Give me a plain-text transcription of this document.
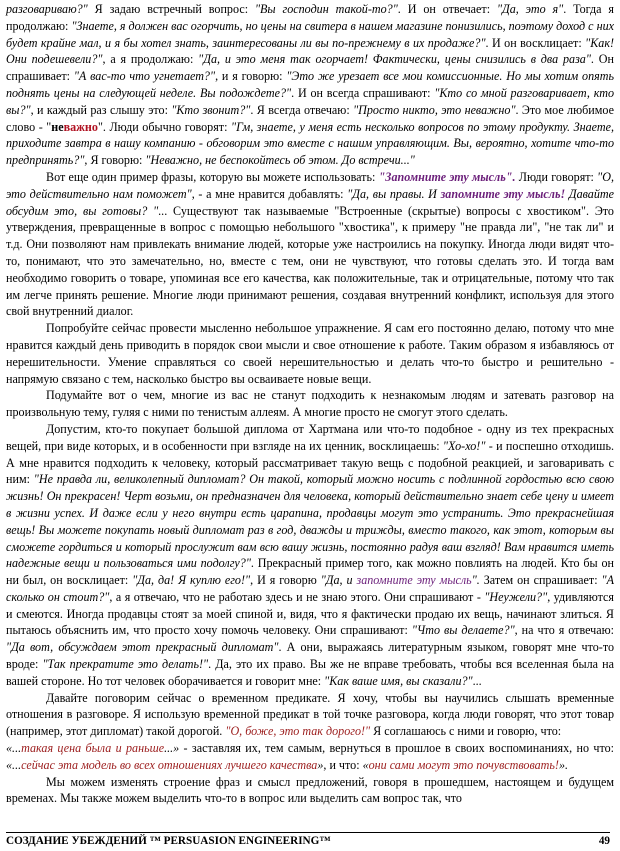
разговариваю?" Я задаю встречный вопрос: "Вы господин такой-то?". И он отвечает: "Да, это я". Тогда я продолжаю: "Знаете, я должен вас огорчить, но цены на свитера в нашем магазине понизились, поэтому доход с них будет крайне мал, и я бы хотел знать, заинтересованы ли вы по-прежнему в их продаже?". И он восклицает: "Как! Они подешевели?", а я продолжаю: "Да, и это меня так огорчает! Фактически, цены снизились в два раза". Он спрашивает: "А вас-то что угнетает?", и я говорю: "Это же урезает все мои комиссионные. Но мы хотим опять поднять цены на следующей неделе. Вы подождете?". И он всегда спрашивают: "Кто со мной разговаривает, кто вы?", и каждый раз слышу это: "Кто звонит?". Я всегда отвечаю: "Просто никто, это неважно". Это мое любимое слово - "неважно". Люди обычно говорят: "Гм, знаете, у меня есть несколько вопросов по этому продукту. Знаете, приходите завтра в нашу компанию - обговорим это вместе с нашим управляющим. Вы, вероятно, хотите что-то предпринять?", Я говорю: "Неважно, не беспокойтесь об этом. До встречи..."

Вот еще один пример фразы, которую вы можете использовать: "Запомните эту мысль". Люди говорят: "О, это действительно нам поможет", - а мне нравится добавлять: "Да, вы правы. И запомните эту мысль! Давайте обсудим это, вы готовы? "... Существуют так называемые "Встроенные (скрытые) вопросы с хвостиком". Это утверждения, превращенные в вопрос с помощью небольшого "хвостика", к примеру "не правда ли", "не так ли" и т.д. Они позволяют нам привлекать внимание людей, которые уже настроились на покупку. Иногда люди видят что-то, понимают, что это замечательно, но, вместе с тем, они не чувствуют, что готовы сделать это. И тогда вам необходимо говорить о товаре, упоминая все его качества, как положительные, так и отрицательные, потому что так им легче принять решение. Многие люди принимают решения, создавая внутренний конфликт, используя для этого свой внутренний диалог.

Попробуйте сейчас провести мысленно небольшое упражнение. Я сам его постоянно делаю, потому что мне нравится каждый день приводить в порядок свои мысли и свое отношение к работе. Таким образом я избавляюсь от нерешительности. Умение справляться со своей нерешительностью и делать что-то быстро и решительно - напрямую связано с тем, насколько быстро вы осваиваете новые вещи.

Подумайте вот о чем, многие из вас не станут подходить к незнакомым людям и затевать разговор на произвольную тему, гуляя с ними по тенистым аллеям. А многие просто не смогут этого сделать.

Допустим, кто-то покупает большой диплома от Хартмана или что-то подобное - одну из тех прекрасных вещей, при виде которых, и в особенности при взгляде на их ценник, восклицаешь: "Хо-хо!" - и поспешно отходишь. А мне нравится подходить к человеку, который рассматривает такую вещь с подобной реакцией, и заговаривать с ним: "Не правда ли, великолепный дипломат? Он такой, который можно носить с подлинной гордостью всю свою жизнь! Он прекрасен! Черт возьми, он предназначен для человека, который действительно знает себе цену и имеет в жизни успех. И даже если у него внутри есть царапина, продавцы могут это устранить. Это прекраснейшая вещь! Вы можете покупать новый дипломат раз в год, дважды и трижды, вместо такого, как этот, которым вы сможете гордиться и который прослужит вам всю вашу жизнь, постоянно радуя ваш взгляд! Вам нравится иметь надежные вещи и пользоваться ими подолгу?". Прекрасный пример того, как можно повлиять на людей. Кто бы он ни был, он восклицает: "Да, да! Я куплю его!", И я говорю "Да, и запомните эту мысль". Затем он спрашивает: "А сколько он стоит?", а я отвечаю, что не работаю здесь и не знаю этого. Они спрашивают - "Неужели?", удивляются и смеются. Иногда продавцы стоят за моей спиной и, видя, что я фактически продаю их вещь, начинают злиться. Я пытаюсь объяснить им, что просто хочу помочь человеку. Они спрашивают: "Что вы делаете?", на что я отвечаю: "Да вот, обсуждаем этот прекрасный дипломат". А они, выражаясь литературным языком, говорят мне что-то вроде: "Так прекратите это делать!". Да, это их право. Вы же не вправе требовать, чтобы вся вселенная была на вашей стороне. Но тот человек оборачивается и говорит мне: "Как ваше имя, вы сказали?"...

Давайте поговорим сейчас о временном предикате. Я хочу, чтобы вы научились слышать временные отношения в разговоре. Я использую временной предикат в той точке разговора, когда люди говорят, что этот товар (например, этот дипломат) такой дорогой. "О, боже, это так дорого!" Я соглашаюсь с ними и говорю, что:

«...такая цена была и раньше...» - заставляя их, тем самым, вернуться в прошлое в своих воспоминаниях, но что: «...сейчас эта модель во всех отношениях лучшего качества», и что: «они сами могут это почувствовать!».

Мы можем изменять строение фраз и смысл предложений, говоря в прошедшем, настоящем и будущем временах. Мы также можем выделить что-то в вопрос или выделить сам вопрос так, что

СОЗДАНИЕ УБЕЖДЕНИЙ ™ PERSUASION ENGINEERING™	49
